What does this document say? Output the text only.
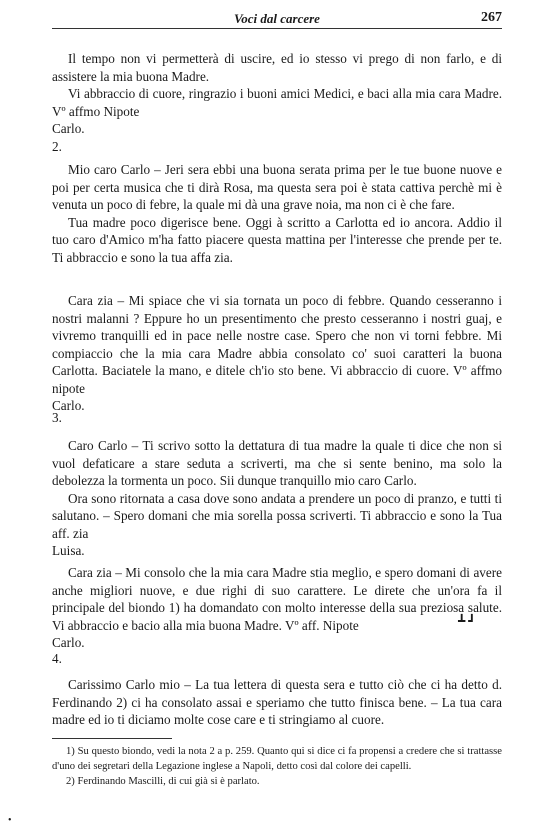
Voci dal carcere	267

Il tempo non vi permetterà di uscire, ed io stesso vi prego di non farlo, e di assistere la mia buona Madre.

Vi abbraccio di cuore, ringrazio i buoni amici Medici, e baci alla mia cara Madre. Vº affmo Nipote

Carlo.

2.

Mio caro Carlo – Jeri sera ebbi una buona serata prima per le tue buone nuove e poi per certa musica che ti dirà Rosa, ma questa sera poi è stata cattiva perchè mi è venuta un poco di febre, la quale mi dà una grave noia, ma non ci è che fare.

Tua madre poco digerisce bene. Oggi à scritto a Carlotta ed io ancora. Addio il tuo caro d'Amico m'ha fatto piacere questa mattina per l'interesse che prende per te. Ti abbraccio e sono la tua affa zia.

Cara zia – Mi spiace che vi sia tornata un poco di febbre. Quando cesseranno i nostri malanni ? Eppure ho un presentimento che presto cesseranno i nostri guaj, e vivremo tranquilli ed in pace nelle nostre case. Spero che non vi torni febbre. Mi compiaccio che la mia cara Madre abbia consolato co' suoi caratteri la buona Carlotta. Baciatele la mano, e ditele ch'io sto bene. Vi abbraccio di cuore. Vº affmo nipote

Carlo.

3.

Caro Carlo – Ti scrivo sotto la dettatura di tua madre la quale ti dice che non si vuol defaticare a stare seduta a scriverti, ma che si sente benino, ma solo la debolezza la tormenta un poco. Sii dunque tranquillo mio caro Carlo.

Ora sono ritornata a casa dove sono andata a prendere un poco di pranzo, e tutti ti salutano. – Spero domani che mia sorella possa scriverti. Ti abbraccio e sono la Tua aff. zia

Luisa.

Cara zia – Mi consolo che la mia cara Madre stia meglio, e spero domani di avere anche migliori nuove, e due righi di suo carattere. Le direte che un'ora fa il principale del biondo 1) ha domandato con molto interesse della sua preziosa salute. Vi abbraccio e bacio alla mia buona Madre. Vº aff. Nipote

Carlo.

┻ ┛

4.

Carissimo Carlo mio – La tua lettera di questa sera e tutto ciò che ci ha detto d. Ferdinando 2) ci ha consolato assai e speriamo che tutto finisca bene. – La tua cara madre ed io ti diciamo molte cose care e ti stringiamo al cuore.

1) Su questo biondo, vedi la nota 2 a p. 259. Quanto qui si dice ci fa propensi a credere che si trattasse d'uno dei segretari della Legazione inglese a Napoli, detto così dal colore dei capelli.

2) Ferdinando Mascilli, di cui già si è parlato.

•
